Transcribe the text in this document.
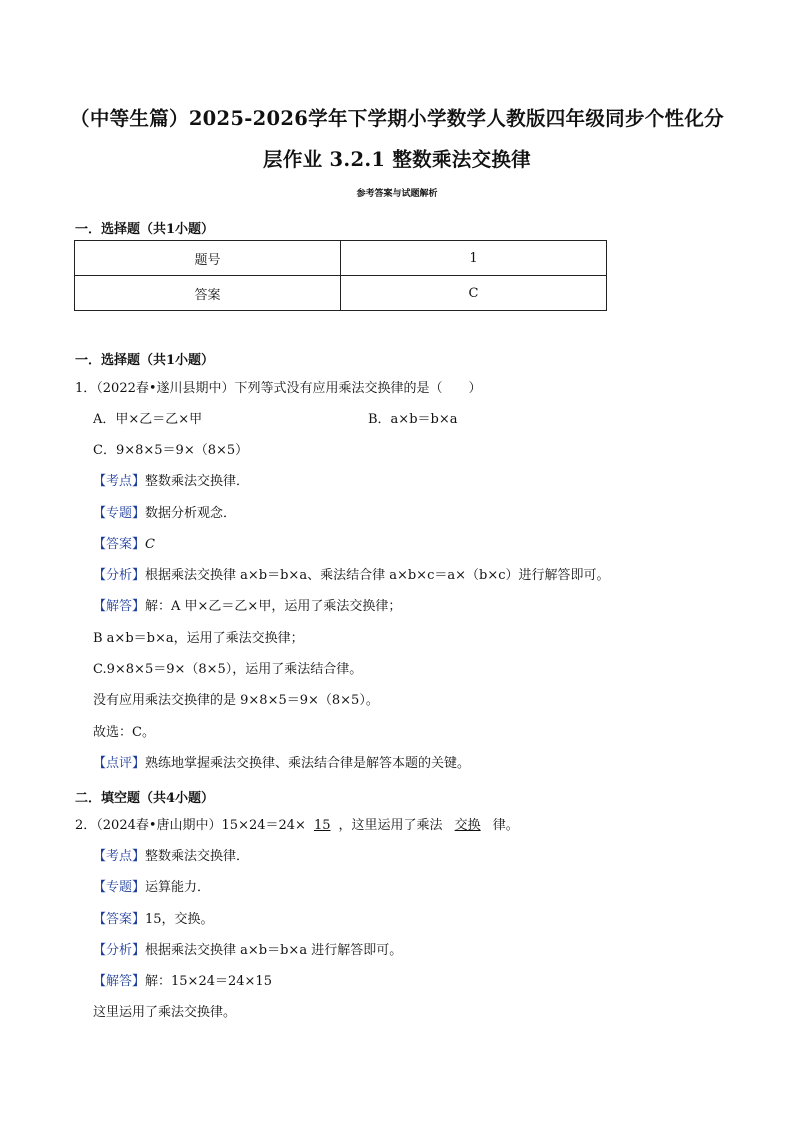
（中等生篇）2025-2026学年下学期小学数学人教版四年级同步个性化分
层作业 3.2.1 整数乘法交换律
参考答案与试题解析
一．选择题（共1小题）
题号	1
答案	C
一．选择题（共1小题）
1．（2022春•遂川县期中）下列等式没有应用乘法交换律的是（　　）
A．甲×乙＝乙×甲	B．a×b＝b×a
C．9×8×5＝9×（8×5）
【考点】整数乘法交换律．
【专题】数据分析观念．
【答案】C
【分析】根据乘法交换律 a×b＝b×a、乘法结合律 a×b×c＝a×（b×c）进行解答即可。
【解答】解：A 甲×乙＝乙×甲，运用了乘法交换律；
B a×b＝b×a，运用了乘法交换律；
C.9×8×5＝9×（8×5），运用了乘法结合律。
没有应用乘法交换律的是 9×8×5＝9×（8×5）。
故选：C。
【点评】熟练地掌握乘法交换律、乘法结合律是解答本题的关键。
二．填空题（共4小题）
2．（2024春•唐山期中）15×24＝24× 15 ，这里运用了乘法 交换 律。
【考点】整数乘法交换律．
【专题】运算能力．
【答案】15，交换。
【分析】根据乘法交换律 a×b＝b×a 进行解答即可。
【解答】解：15×24＝24×15
这里运用了乘法交换律。
